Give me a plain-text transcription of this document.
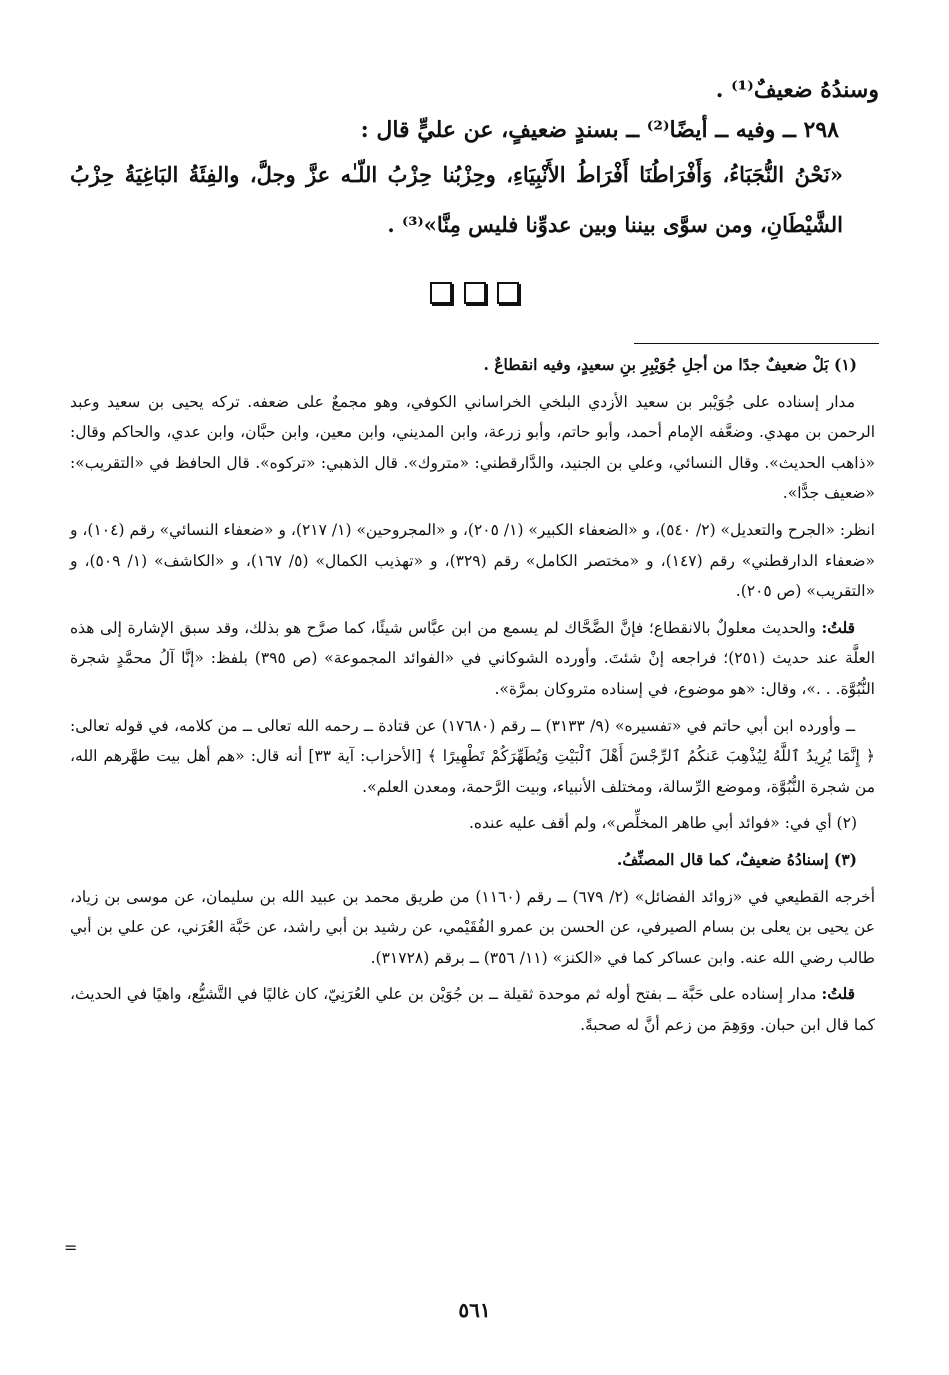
وسندُهُ ضعيفٌ⁽¹⁾ .

٢٩٨ ــ وفيه ــ أيضًا⁽²⁾ ــ بسندٍ ضعيفٍ، عن عليٍّ قال :

«نَحْنُ النُّجَبَاءُ، وَأَفْرَاطُنَا أَفْرَاطُ الأَنْبِيَاءِ، وحِزْبُنا حِزْبُ اللّـٰه عزَّ وجلَّ، والفِئَةُ البَاغِيَةُ حِزْبُ الشَّيْطَانِ، ومن سوَّى بيننا وبين عدوِّنا فليس مِنَّا»⁽³⁾ .

(١) بَلْ ضعيفٌ جدًا من أجلِ جُوَيْبِرِ بنِ سعيدٍ، وفيه انقطاعٌ .

مدار إسناده على جُوَيْبر بن سعيد الأزدي البلخي الخراساني الكوفي، وهو مجمعٌ على ضعفه. تركه يحيى بن سعيد وعبد الرحمن بن مهدي. وضعَّفه الإمام أحمد، وأبو حاتم، وأبو زرعة، وابن المديني، وابن معين، وابن حبَّان، وابن عدي، والحاكم وقال: «ذاهب الحديث». وقال النسائي، وعلي بن الجنيد، والدَّارقطني: «متروك». قال الذهبي: «تركوه». قال الحافظ في «التقريب»: «ضعيف جدًّا».

انظر: «الجرح والتعديل» (٢/ ٥٤٠)، و «الضعفاء الكبير» (١/ ٢٠٥)، و «المجروحين» (١/ ٢١٧)، و «ضعفاء النسائي» رقم (١٠٤)، و «ضعفاء الدارقطني» رقم (١٤٧)، و «مختصر الكامل» رقم (٣٢٩)، و «تهذيب الكمال» (٥/ ١٦٧)، و «الكاشف» (١/ ٥٠٩)، و «التقريب» (ص ٢٠٥).

قلتُ: والحديث معلولٌ بالانقطاع؛ فإنَّ الضَّحَّاك لم يسمع من ابن عبَّاس شيئًا، كما صرَّح هو بذلك، وقد سبق الإشارة إلى هذه العلَّة عند حديث (٢٥١)؛ فراجعه إنْ شئتَ. وأورده الشوكاني في «الفوائد المجموعة» (ص ٣٩٥) بلفظ: «إنَّا آلُ محمَّدٍ شجرة النُّبُوَّة. . .»، وقال: «هو موضوع، في إسناده متروكان بمرَّة».

ــ وأورده ابن أبي حاتم في «تفسيره» (٩/ ٣١٣٣) ــ رقم (١٧٦٨٠) عن قتادة ــ رحمه الله تعالى ــ من كلامه، في قوله تعالى: ﴿ إِنَّمَا يُرِيدُ ٱللَّهُ لِيُذْهِبَ عَنكُمُ ٱلرِّجْسَ أَهْلَ ٱلْبَيْتِ وَيُطَهِّرَكُمْ تَطْهِيرًا ﴾ [الأحزاب: آية ٣٣] أنه قال: «هم أهل بيت طهَّرهم الله، من شجرة النُّبُوَّة، وموضع الرِّسالة، ومختلف الأنبياء، وبيت الرَّحمة، ومعدن العلم».

(٢) أي في: «فوائد أبي طاهر المخلِّص»، ولم أقف عليه عنده.

(٣) إسنادُهُ ضعيفٌ، كما قال المصنِّفُ.

أخرجه القطيعي في «زوائد الفضائل» (٢/ ٦٧٩) ــ رقم (١١٦٠) من طريق محمد بن عبيد الله بن سليمان، عن موسى بن زياد، عن يحيى بن يعلى بن بسام الصيرفي، عن الحسن بن عمرو الفُقَيْمي، عن رشيد بن أبي راشد، عن حَبَّة العُرَني، عن علي بن أبي طالب رضي الله عنه. وابن عساكر كما في «الكنز» (١١/ ٣٥٦) ــ برقم (٣١٧٢٨).

قلتُ: مدار إسناده على حَبَّة ــ بفتح أوله ثم موحدة ثقيلة ــ بن جُوَيْن بن علي العُرَنِيّ، كان غاليًا في التَّشيُّع، واهيًا في الحديث، كما قال ابن حبان. ووَهِمَ من زعم أنَّ له صحبةً.

=
٥٦١
